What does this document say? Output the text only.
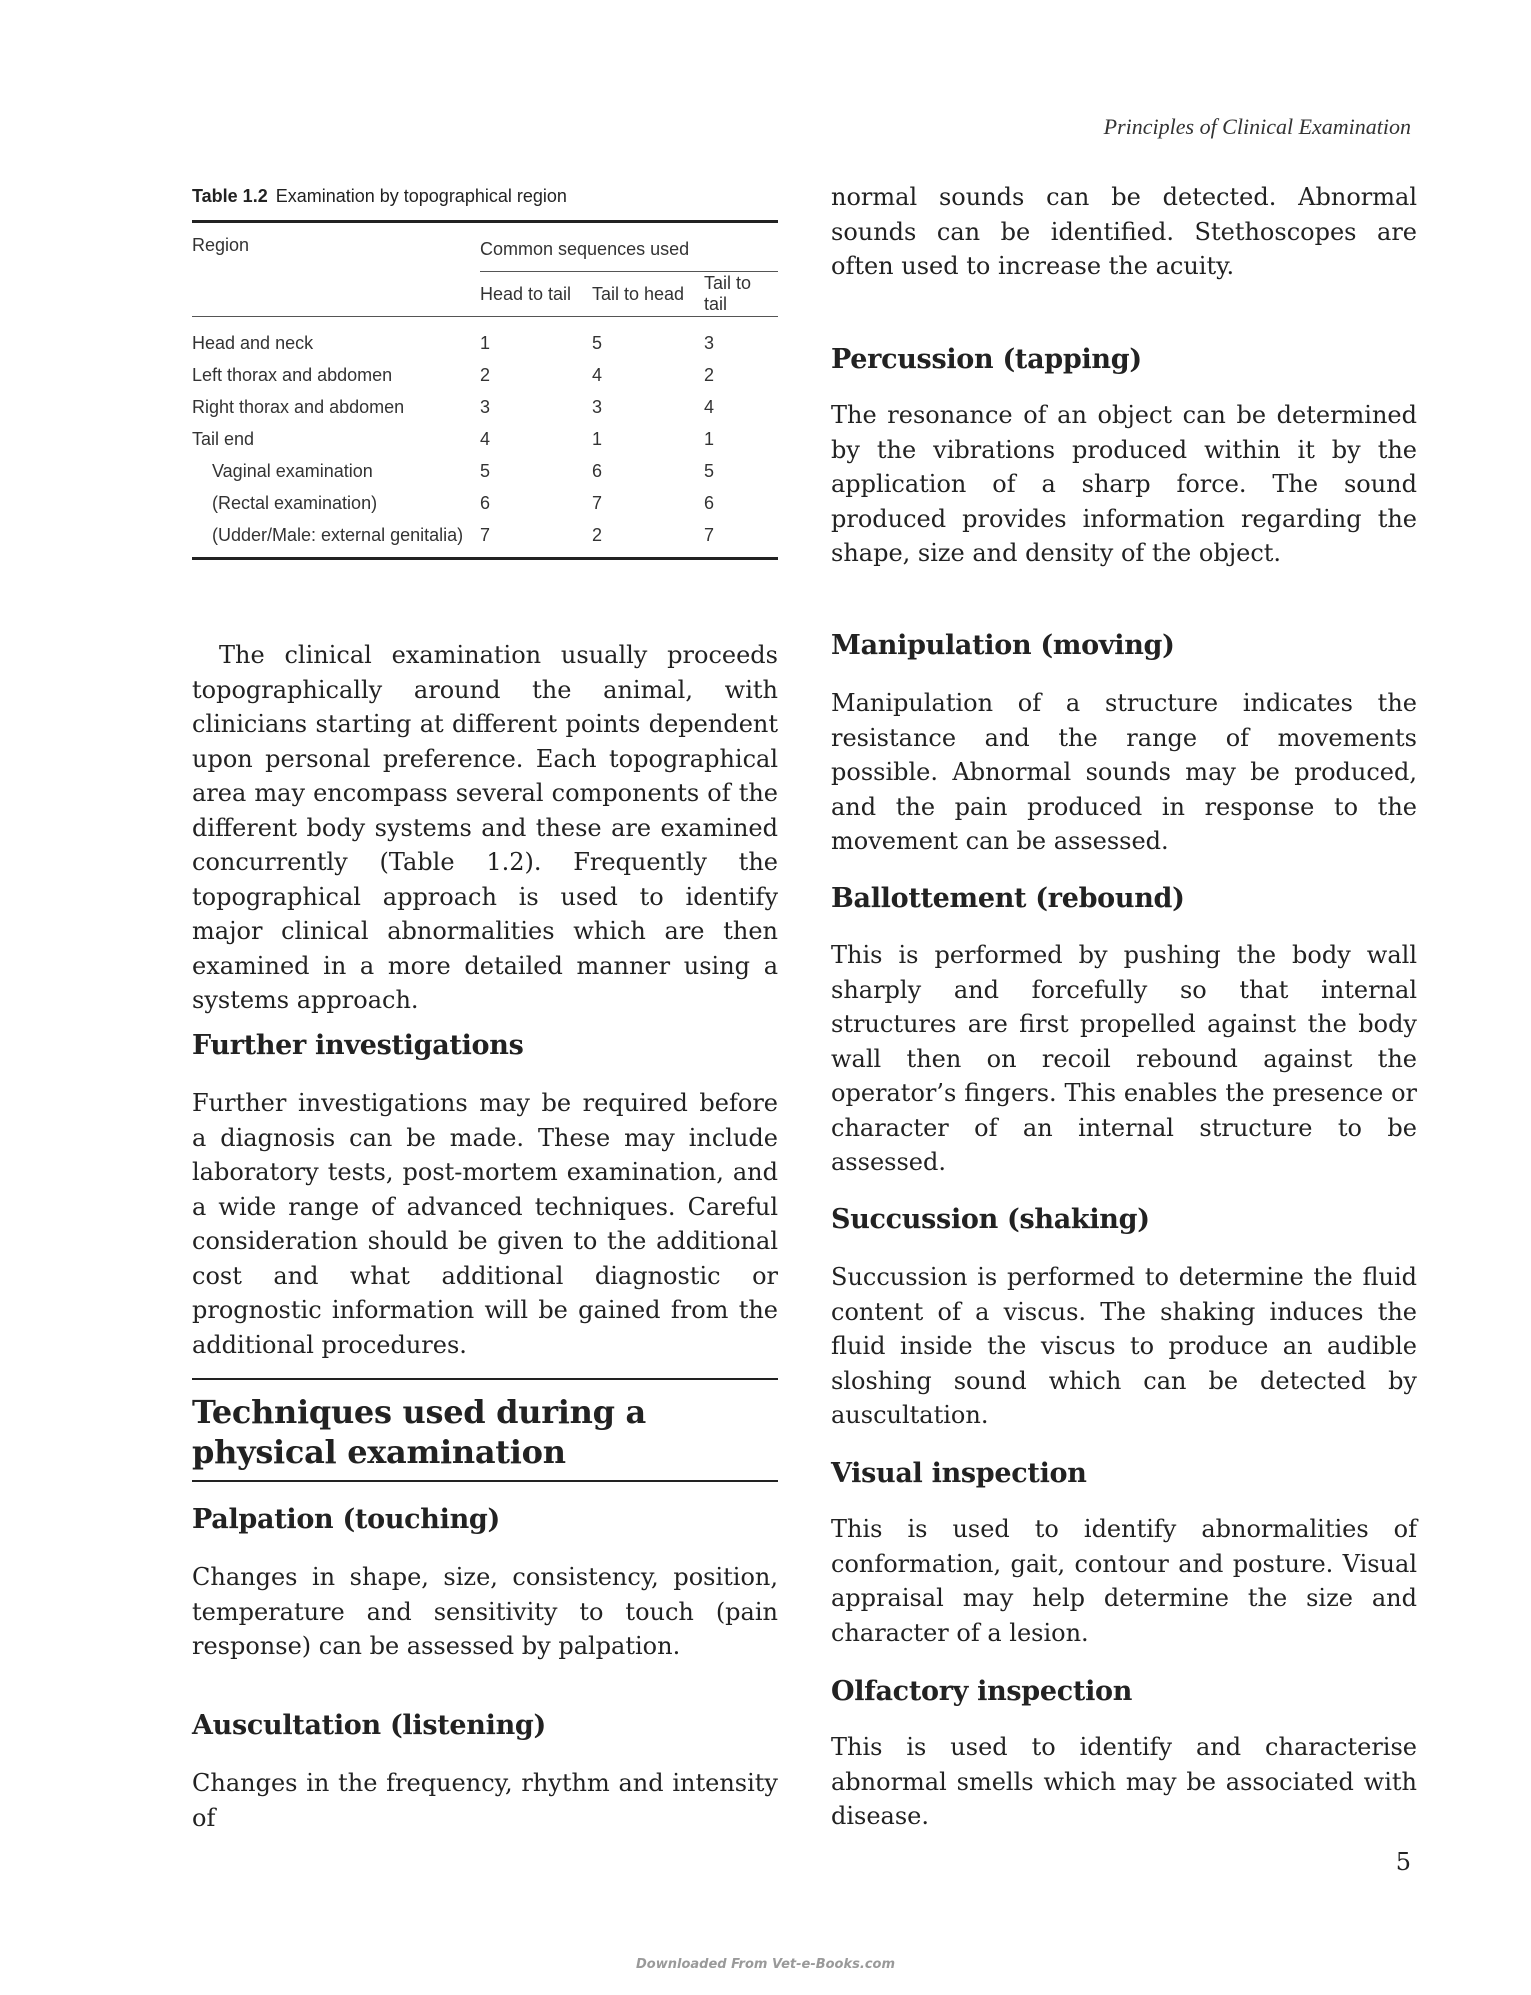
Principles of Clinical Examination
Table 1.2 Examination by topographical region
Region	Common sequences used		
	Head to tail	Tail to head	Tail to tail
Head and neck	1	5	3
Left thorax and abdomen	2	4	2
Right thorax and abdomen	3	3	4
Tail end	4	1	1
Vaginal examination	5	6	5
(Rectal examination)	6	7	6
(Udder/Male: external genitalia)	7	2	7

The clinical examination usually proceeds topographically around the animal, with clinicians starting at different points dependent upon personal preference. Each topographical area may encompass several components of the different body systems and these are examined concurrently (Table 1.2). Frequently the topographical approach is used to identify major clinical abnormalities which are then examined in a more detailed manner using a systems approach.

Further investigations

Further investigations may be required before a diagnosis can be made. These may include laboratory tests, post-mortem examination, and a wide range of advanced techniques. Careful consideration should be given to the additional cost and what additional diagnostic or prognostic information will be gained from the additional procedures.

Techniques used during a physical examination
Palpation (touching)

Changes in shape, size, consistency, position, temperature and sensitivity to touch (pain response) can be assessed by palpation.

Auscultation (listening)

Changes in the frequency, rhythm and intensity of

normal sounds can be detected. Abnormal sounds can be identified. Stethoscopes are often used to increase the acuity.

Percussion (tapping)

The resonance of an object can be determined by the vibrations produced within it by the application of a sharp force. The sound produced provides information regarding the shape, size and density of the object.

Manipulation (moving)

Manipulation of a structure indicates the resistance and the range of movements possible. Abnormal sounds may be produced, and the pain produced in response to the movement can be assessed.

Ballottement (rebound)

This is performed by pushing the body wall sharply and forcefully so that internal structures are first propelled against the body wall then on recoil rebound against the operator’s fingers. This enables the presence or character of an internal structure to be assessed.

Succussion (shaking)

Succussion is performed to determine the fluid content of a viscus. The shaking induces the fluid inside the viscus to produce an audible sloshing sound which can be detected by auscultation.

Visual inspection

This is used to identify abnormalities of conformation, gait, contour and posture. Visual appraisal may help determine the size and character of a lesion.

Olfactory inspection

This is used to identify and characterise abnormal smells which may be associated with disease.

5
Downloaded From Vet-e-Books.com
